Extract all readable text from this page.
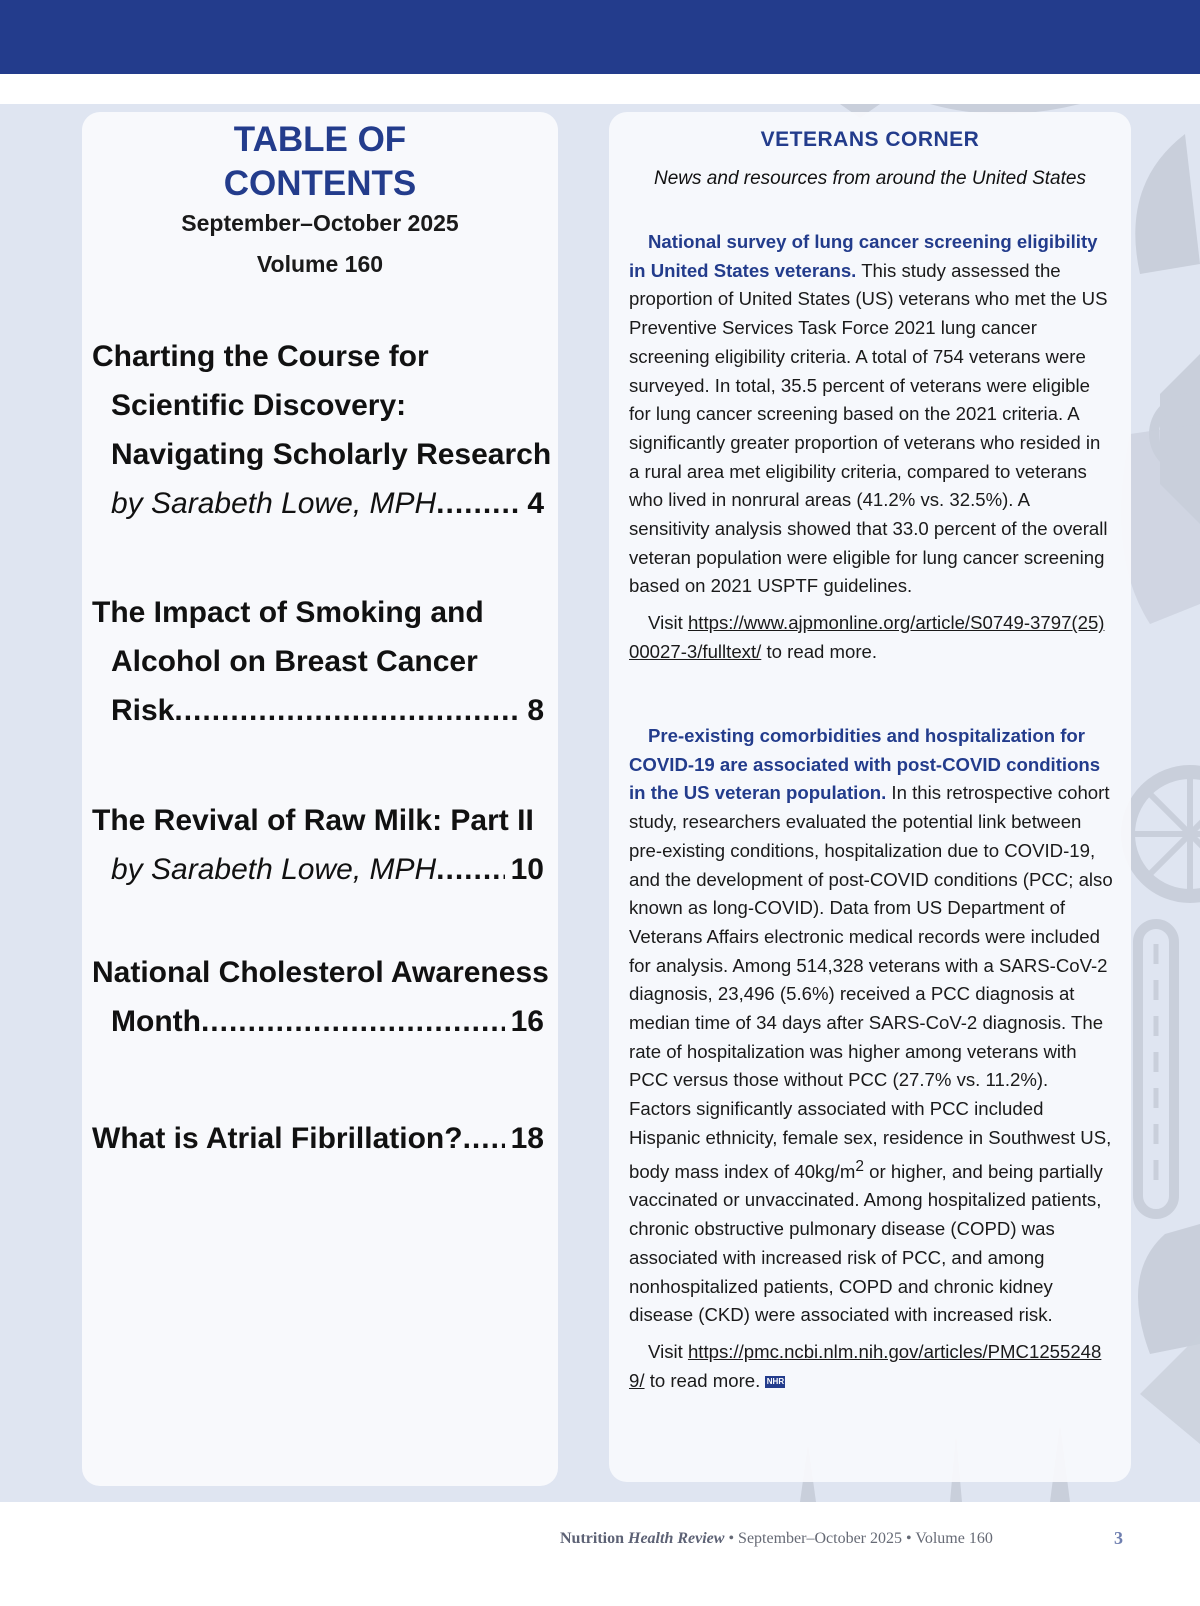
TABLE OF
CONTENTS
September–October 2025
Volume 160
Charting the Course for
Scientific Discovery:
Navigating Scholarly Research
by Sarabeth Lowe, MPH .....	4
The Impact of Smoking and
Alcohol on Breast Cancer
Risk .....	8
The Revival of Raw Milk: Part II
by Sarabeth Lowe, MPH ..... 10
National Cholesterol Awareness
Month .....	16
What is Atrial Fibrillation? ..... 18
VETERANS CORNER
News and resources from around the United States

National survey of lung cancer screening eligibility in United States veterans. This study assessed the proportion of United States (US) veterans who met the US Preventive Services Task Force 2021 lung cancer screening eligibility criteria. A total of 754 veterans were surveyed. In total, 35.5 percent of veterans were eligible for lung cancer screening based on the 2021 criteria. A significantly greater proportion of veterans who resided in a rural area met eligibility criteria, compared to veterans who lived in nonrural areas (41.2% vs. 32.5%). A sensitivity analysis showed that 33.0 percent of the overall veteran population were eligible for lung cancer screening based on 2021 USPTF guidelines.

Visit https://www.ajpmonline.org/article/S0749-3797(25)00027-3/fulltext/ to read more.

Pre-existing comorbidities and hospitalization for COVID-19 are associated with post-COVID conditions in the US veteran population. In this retrospective cohort study, researchers evaluated the potential link between pre-existing conditions, hospitalization due to COVID-19, and the development of post-COVID conditions (PCC; also known as long-COVID). Data from US Department of Veterans Affairs electronic medical records were included for analysis. Among 514,328 veterans with a SARS-CoV-2 diagnosis, 23,496 (5.6%) received a PCC diagnosis at median time of 34 days after SARS-CoV-2 diagnosis. The rate of hospitalization was higher among veterans with PCC versus those without PCC (27.7% vs. 11.2%). Factors significantly associated with PCC included Hispanic ethnicity, female sex, residence in Southwest US, body mass index of $40kg/m^2$ or higher, and being partially vaccinated or unvaccinated. Among hospitalized patients, chronic obstructive pulmonary disease (COPD) was associated with increased risk of PCC, and among nonhospitalized patients, COPD and chronic kidney disease (CKD) were associated with increased risk.

Visit https://pmc.ncbi.nlm.nih.gov/articles/PMC12552489/ to read more. NHR

Nutrition Health Review • September–October 2025 • Volume 160	3
